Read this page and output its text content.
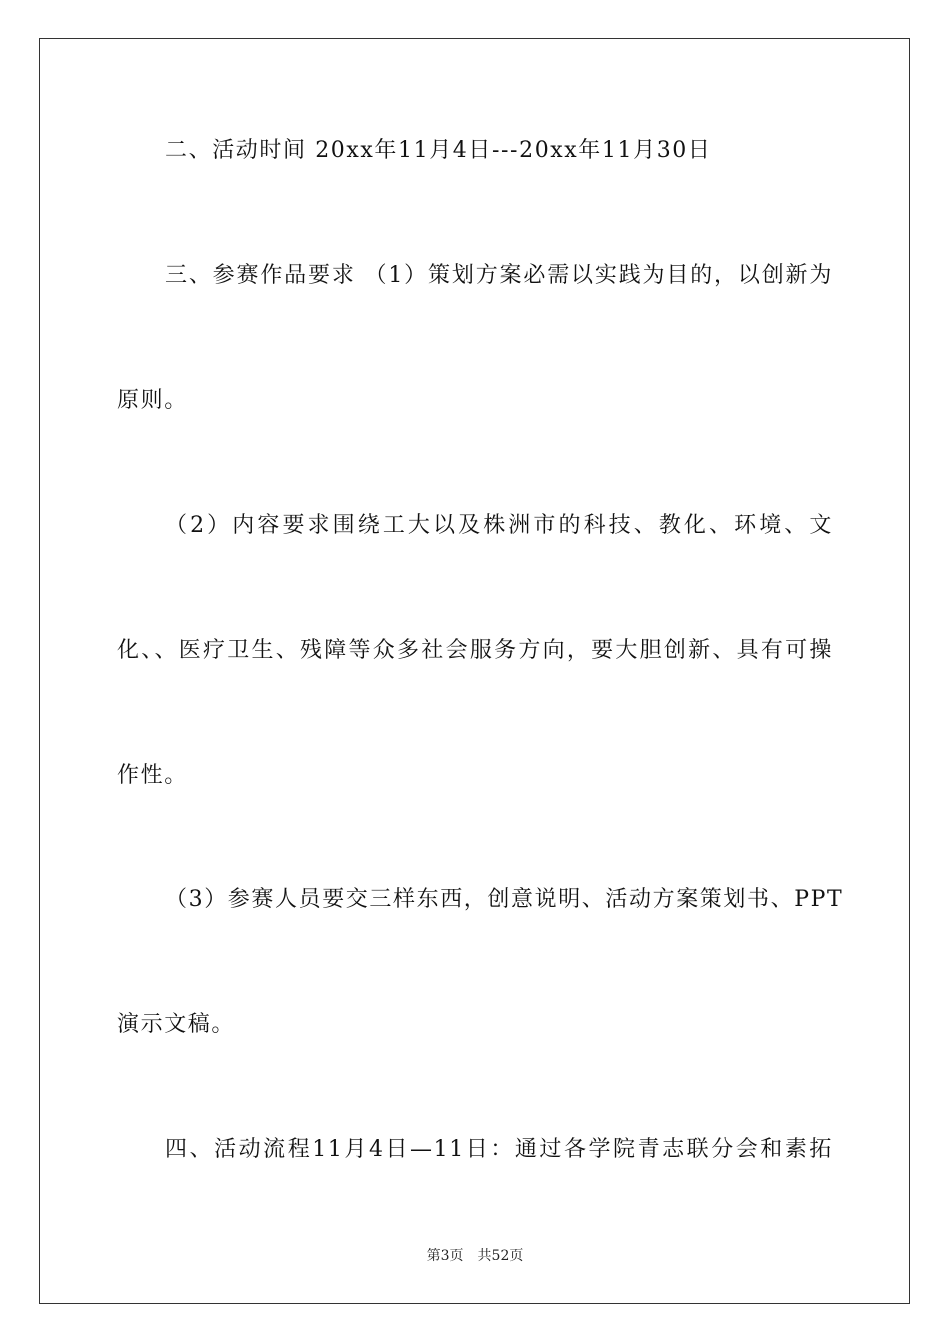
二、活动时间 20xx年11月4日---20xx年11月30日
三、参赛作品要求 （1）策划方案必需以实践为目的，以创新为
原则。
（2）内容要求围绕工大以及株洲市的科技、教化、环境、文
化、、医疗卫生、残障等众多社会服务方向，要大胆创新、具有可操
作性。
（3）参赛人员要交三样东西，创意说明、活动方案策划书、PPT
演示文稿。
四、活动流程11月4日—11日：通过各学院青志联分会和素拓
第3页 共52页
